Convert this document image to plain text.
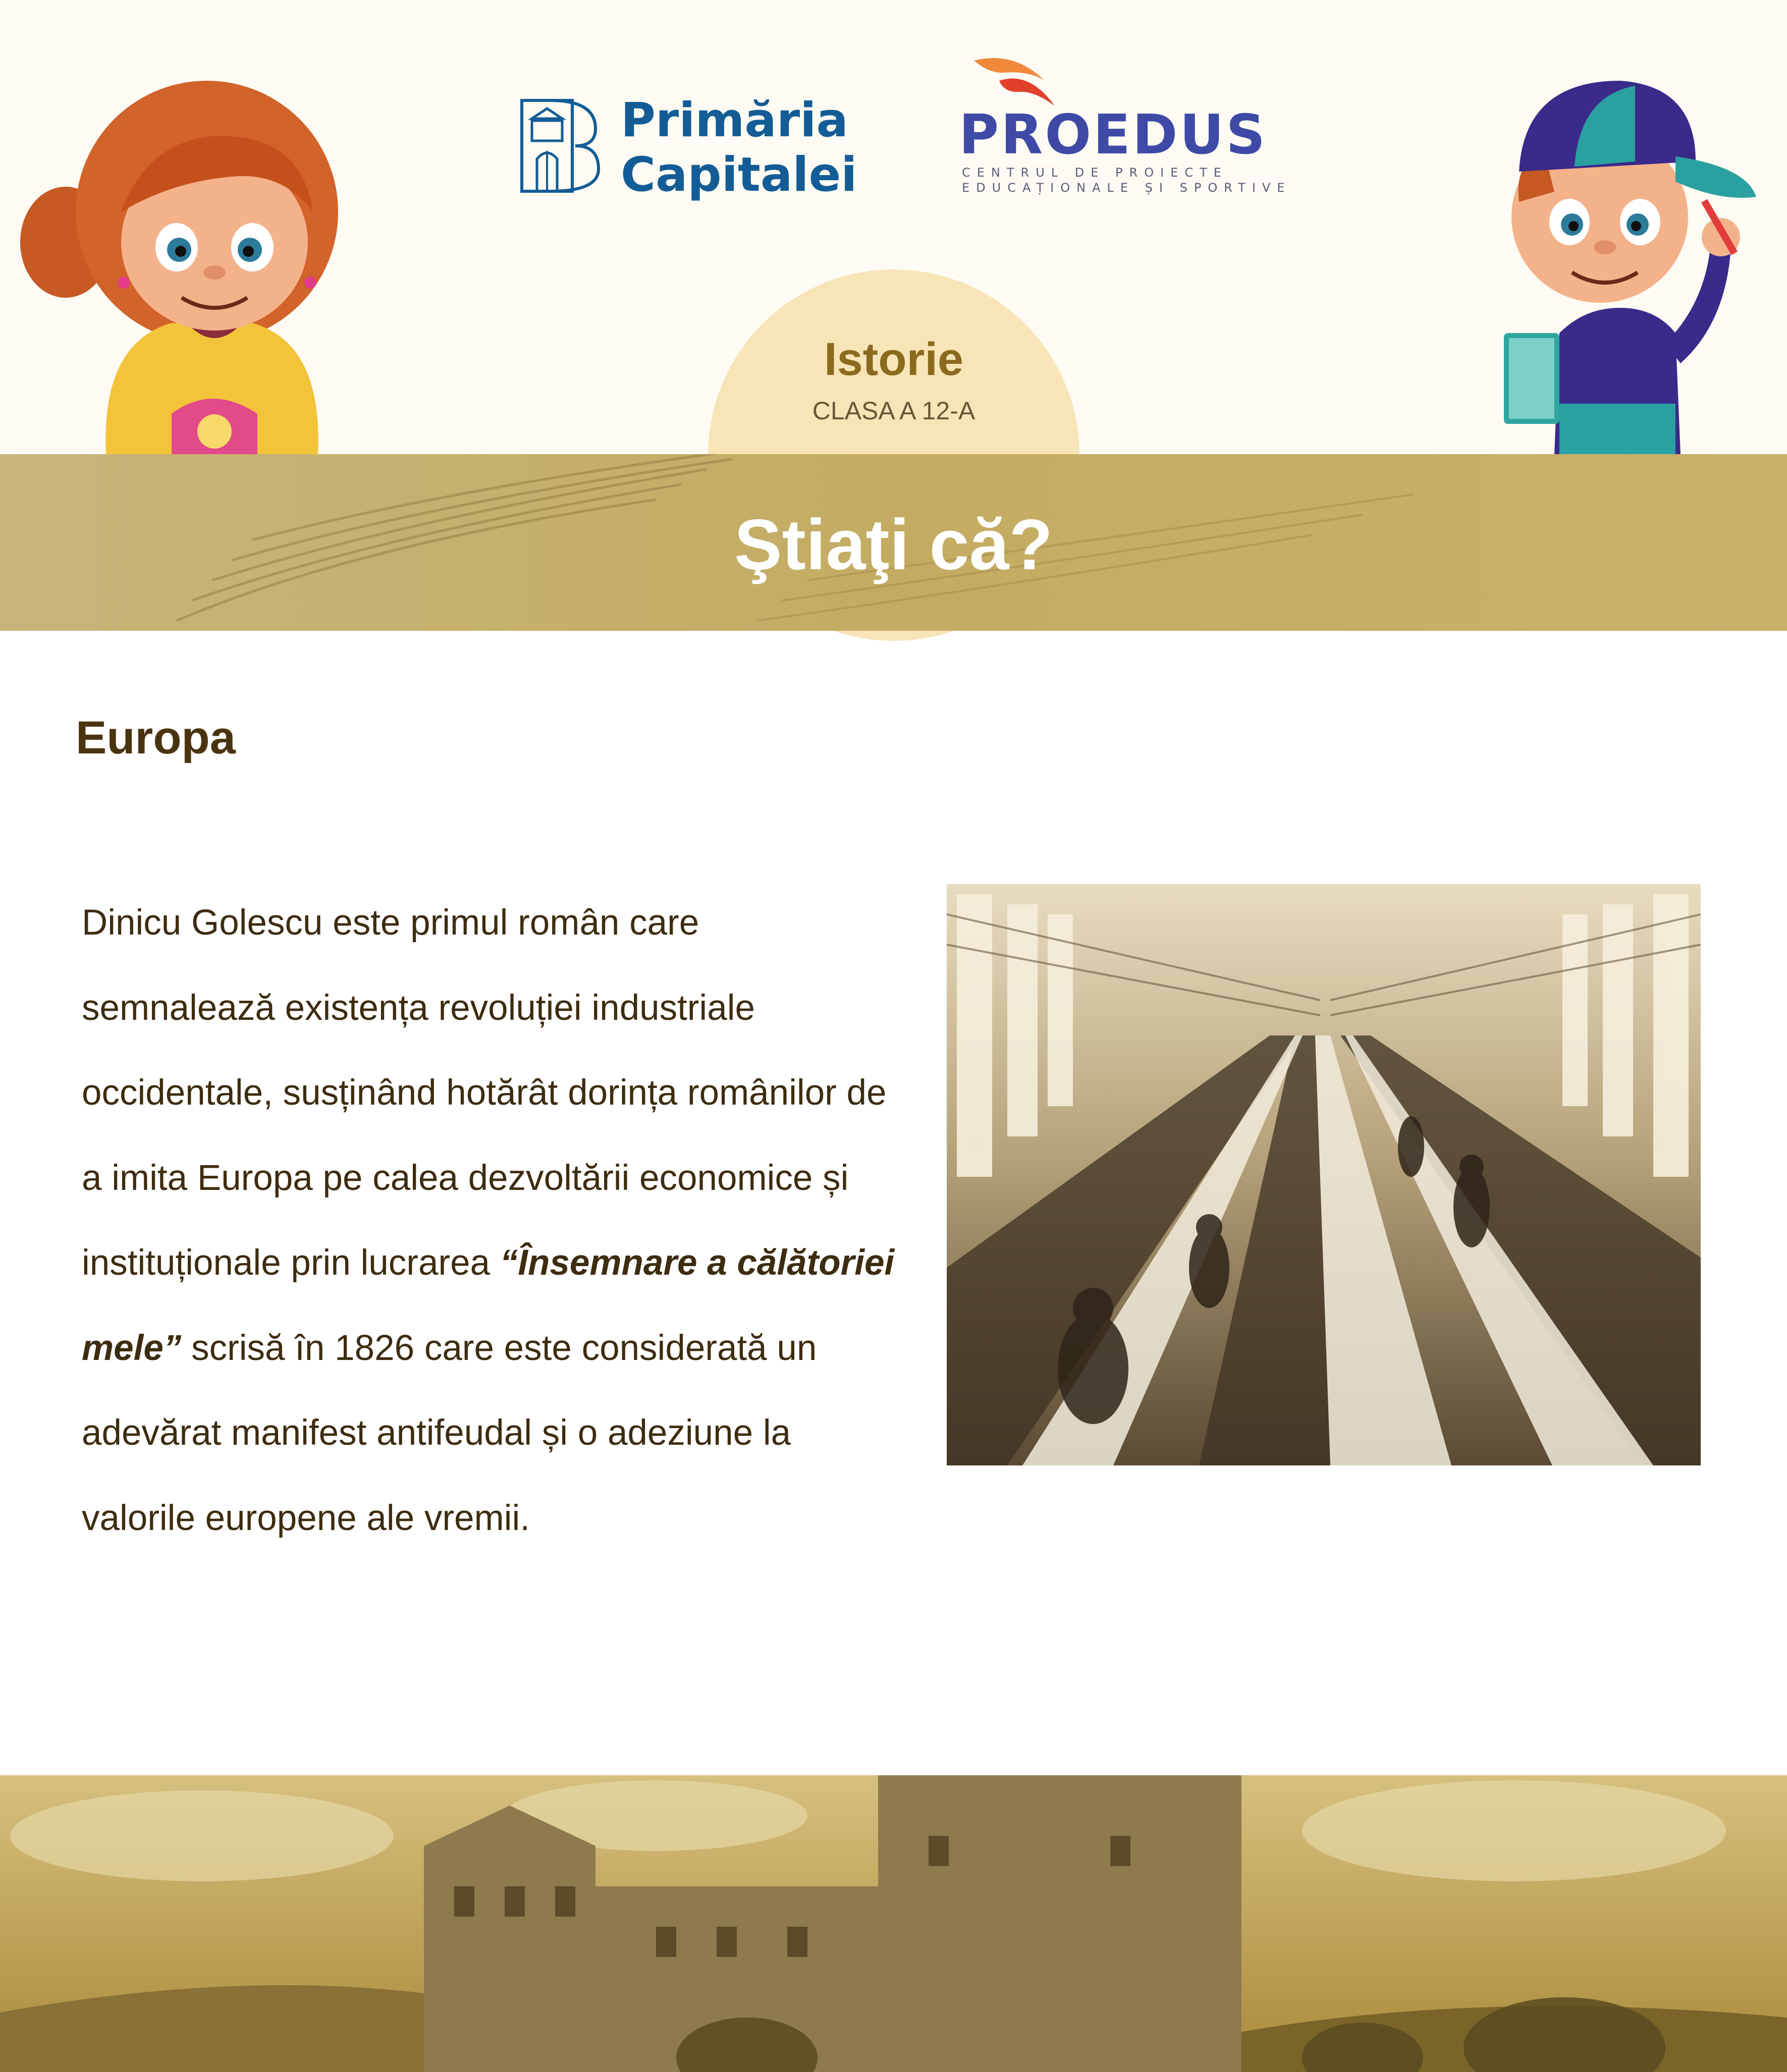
Primăria
Capitalei
PROEDUS
CENTRUL DE PROIECTE
EDUCAȚIONALE ȘI SPORTIVE
Istorie
CLASA A 12-A
Ştiaţi că?
Europa
Dinicu Golescu este primul român care semnalează existența revoluției industriale occidentale, susținând hotărât dorința românilor de a imita Europa pe calea dezvoltării economice și instituționale prin lucrarea “Însemnare a călătoriei mele” scrisă în 1826 care este considerată un adevărat manifest antifeudal și o adeziune la valorile europene ale vremii.
